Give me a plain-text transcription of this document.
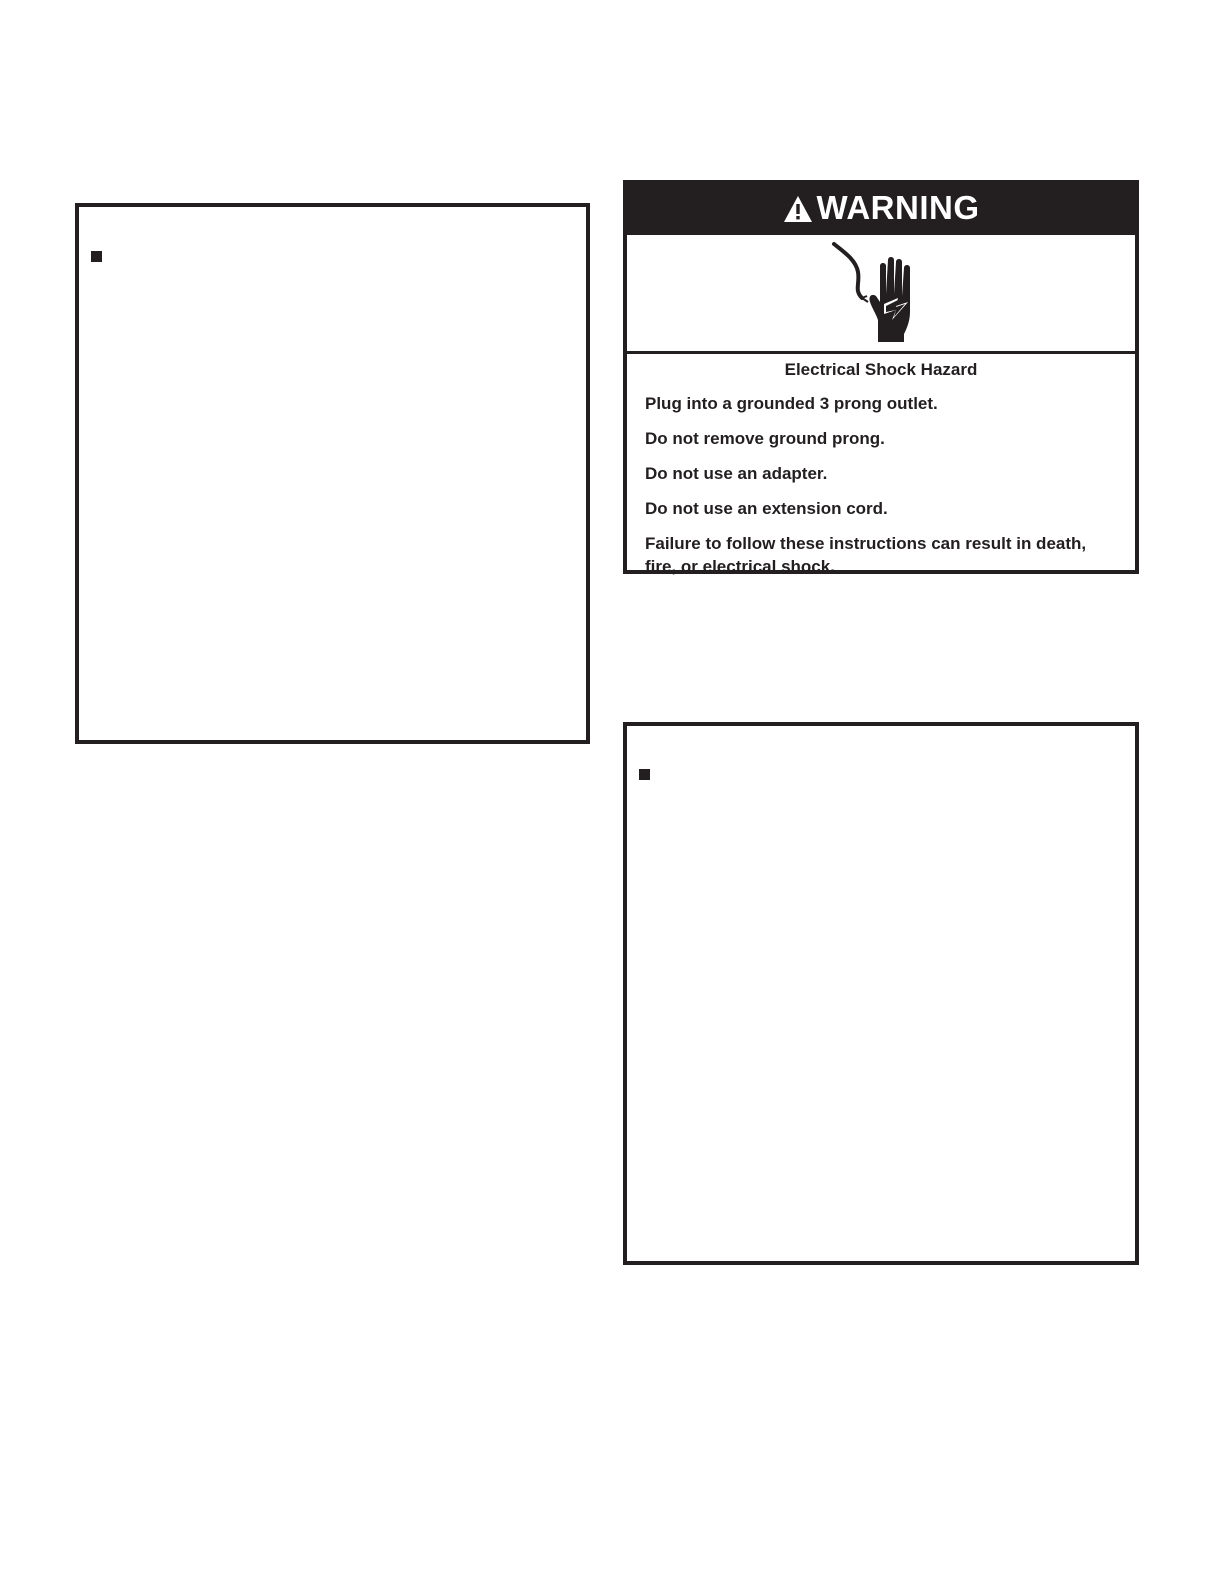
WARNING

Electrical Shock Hazard

Plug into a grounded 3 prong outlet.

Do not remove ground prong.

Do not use an adapter.

Do not use an extension cord.

Failure to follow these instructions can result in death, fire, or electrical shock.
